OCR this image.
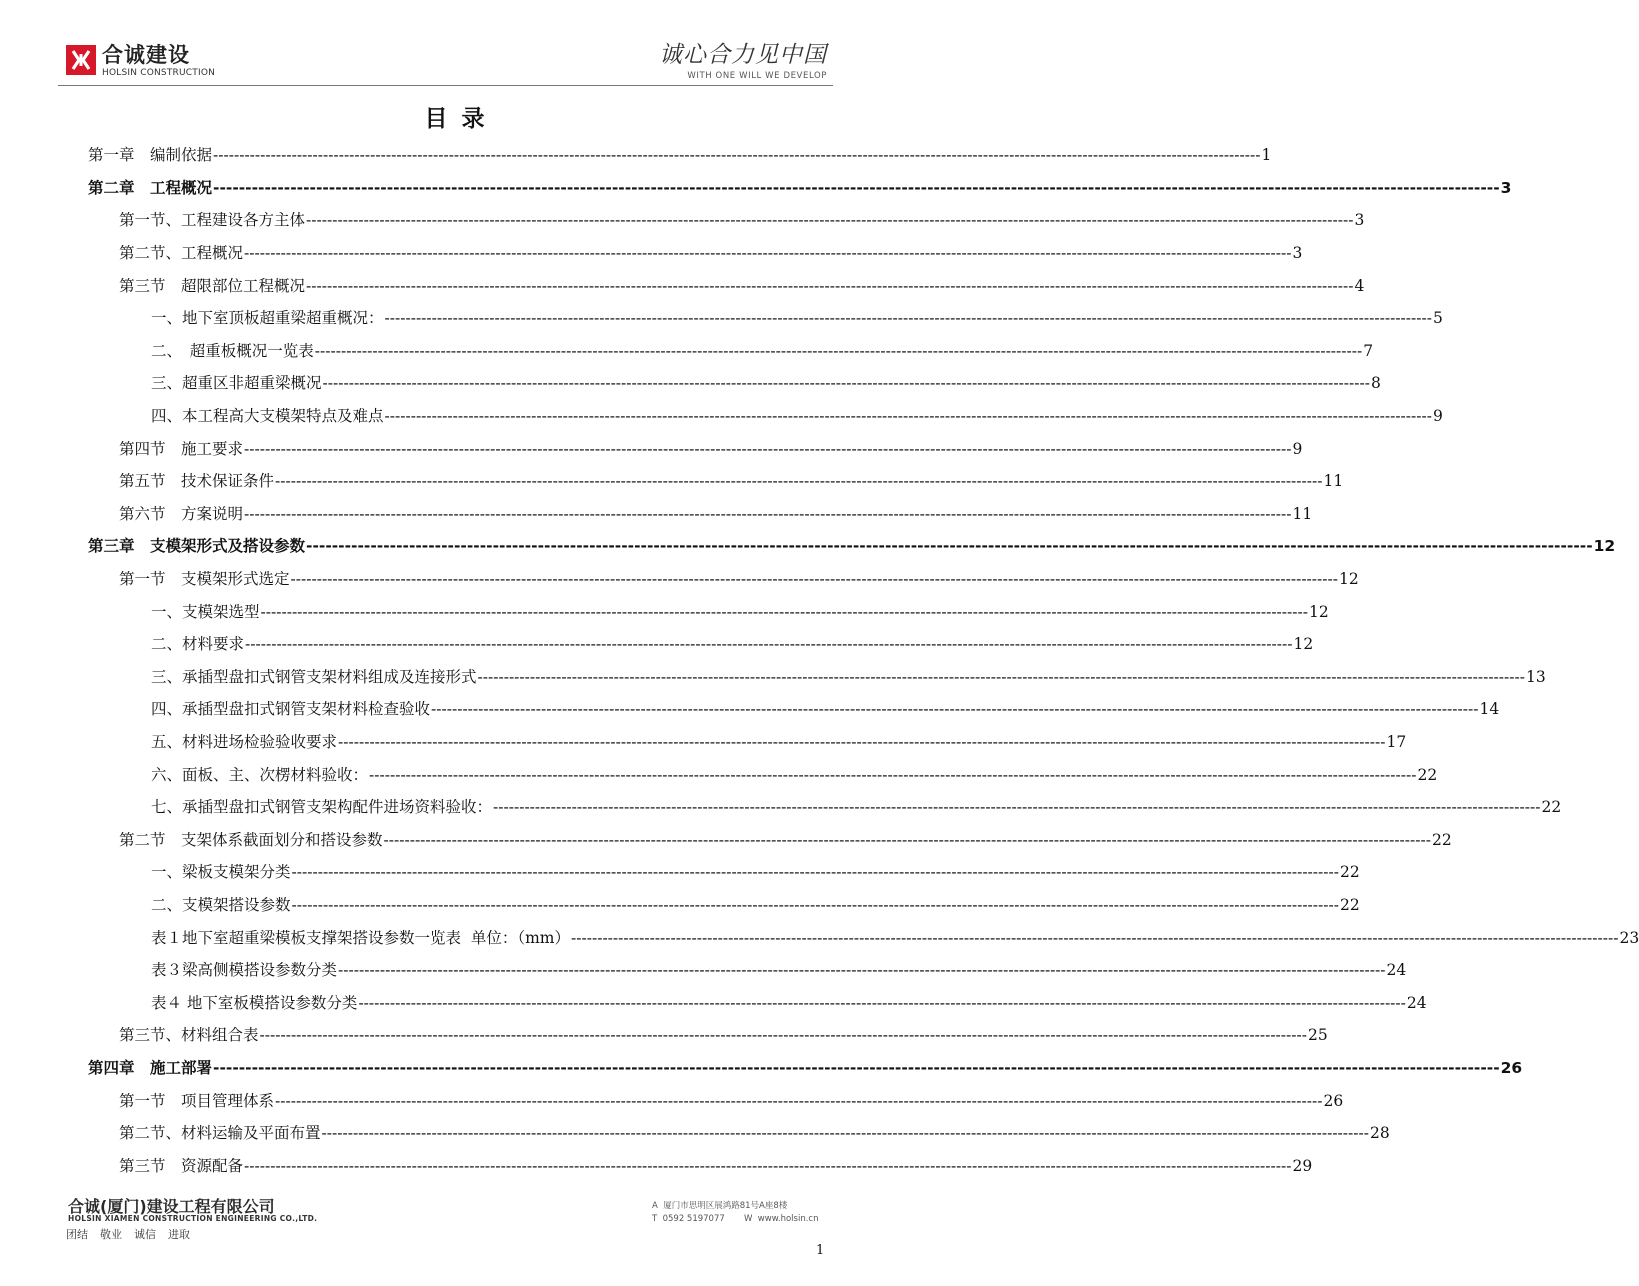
合诚建设
HOLSIN CONSTRUCTION
诚心合力见中国
WITH ONE WILL WE DEVELOP
目录
第一章　编制依据 -------------------------------------------------------------------------------------------------------------------------------------------------------------------------------------------------------- 1
第二章　工程概况 -------------------------------------------------------------------------------------------------------------------------------------------------------------------------------------------------------- 3
第一节、工程建设各方主体 -------------------------------------------------------------------------------------------------------------------------------------------------------------------------------------------------------- 3
第二节、工程概况 -------------------------------------------------------------------------------------------------------------------------------------------------------------------------------------------------------- 3
第三节　超限部位工程概况 -------------------------------------------------------------------------------------------------------------------------------------------------------------------------------------------------------- 4
一、地下室顶板超重梁超重概况： -------------------------------------------------------------------------------------------------------------------------------------------------------------------------------------------------------- 5
二、　超重板概况一览表 -------------------------------------------------------------------------------------------------------------------------------------------------------------------------------------------------------- 7
三、超重区非超重梁概况 -------------------------------------------------------------------------------------------------------------------------------------------------------------------------------------------------------- 8
四、本工程高大支模架特点及难点 -------------------------------------------------------------------------------------------------------------------------------------------------------------------------------------------------------- 9
第四节　施工要求 -------------------------------------------------------------------------------------------------------------------------------------------------------------------------------------------------------- 9
第五节　技术保证条件 -------------------------------------------------------------------------------------------------------------------------------------------------------------------------------------------------------- 11
第六节　方案说明 -------------------------------------------------------------------------------------------------------------------------------------------------------------------------------------------------------- 11
第三章　支模架形式及搭设参数 -------------------------------------------------------------------------------------------------------------------------------------------------------------------------------------------------------- 12
第一节　支模架形式选定 -------------------------------------------------------------------------------------------------------------------------------------------------------------------------------------------------------- 12
一、支模架选型 -------------------------------------------------------------------------------------------------------------------------------------------------------------------------------------------------------- 12
二、材料要求 -------------------------------------------------------------------------------------------------------------------------------------------------------------------------------------------------------- 12
三、承插型盘扣式钢管支架材料组成及连接形式 -------------------------------------------------------------------------------------------------------------------------------------------------------------------------------------------------------- 13
四、承插型盘扣式钢管支架材料检查验收 -------------------------------------------------------------------------------------------------------------------------------------------------------------------------------------------------------- 14
五、材料进场检验验收要求 -------------------------------------------------------------------------------------------------------------------------------------------------------------------------------------------------------- 17
六、面板、主、次楞材料验收： -------------------------------------------------------------------------------------------------------------------------------------------------------------------------------------------------------- 22
七、承插型盘扣式钢管支架构配件进场资料验收： -------------------------------------------------------------------------------------------------------------------------------------------------------------------------------------------------------- 22
第二节　支架体系截面划分和搭设参数 -------------------------------------------------------------------------------------------------------------------------------------------------------------------------------------------------------- 22
一、梁板支模架分类 -------------------------------------------------------------------------------------------------------------------------------------------------------------------------------------------------------- 22
二、支模架搭设参数 -------------------------------------------------------------------------------------------------------------------------------------------------------------------------------------------------------- 22
表１地下室超重梁模板支撑架搭设参数一览表  单位：（mm） -------------------------------------------------------------------------------------------------------------------------------------------------------------------------------------------------------- 23
表３梁高侧模搭设参数分类 -------------------------------------------------------------------------------------------------------------------------------------------------------------------------------------------------------- 24
表４ 地下室板模搭设参数分类 -------------------------------------------------------------------------------------------------------------------------------------------------------------------------------------------------------- 24
第三节、材料组合表 -------------------------------------------------------------------------------------------------------------------------------------------------------------------------------------------------------- 25
第四章　施工部署 -------------------------------------------------------------------------------------------------------------------------------------------------------------------------------------------------------- 26
第一节　项目管理体系 -------------------------------------------------------------------------------------------------------------------------------------------------------------------------------------------------------- 26
第二节、材料运输及平面布置 -------------------------------------------------------------------------------------------------------------------------------------------------------------------------------------------------------- 28
第三节　资源配备 -------------------------------------------------------------------------------------------------------------------------------------------------------------------------------------------------------- 29
合诚(厦门)建设工程有限公司
HOLSIN XIAMEN CONSTRUCTION ENGINEERING CO.,LTD.
团结 敬业 诚信 进取
A  厦门市思明区展鸿路81号A座8楼
T  0592 5197077 W  www.holsin.cn
1
